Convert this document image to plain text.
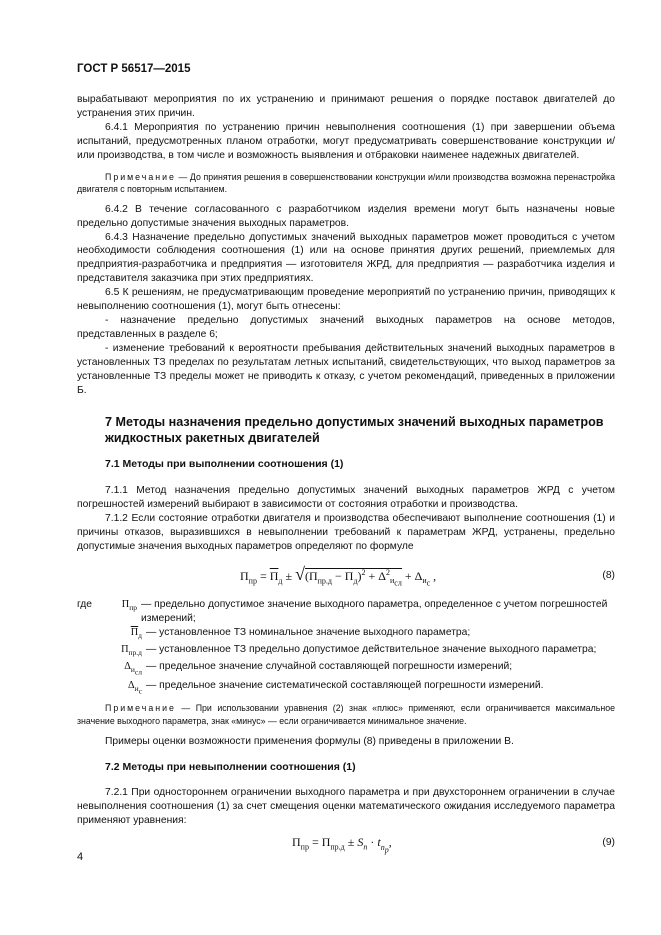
ГОСТ Р 56517—2015

вырабатывают мероприятия по их устранению и принимают решения о порядке поставок двигателей до устранения этих причин.

6.4.1 Мероприятия по устранению причин невыполнения соотношения (1) при завершении объема испытаний, предусмотренных планом отработки, могут предусматривать совершенствование конструкции и/или производства, в том числе и возможность выявления и отбраковки наименее надежных двигателей.

Примечание — До принятия решения в совершенствовании конструкции и/или производства возможна перенастройка двигателя с повторным испытанием.

6.4.2 В течение согласованного с разработчиком изделия времени могут быть назначены новые предельно допустимые значения выходных параметров.

6.4.3 Назначение предельно допустимых значений выходных параметров может проводиться с учетом необходимости соблюдения соотношения (1) или на основе принятия других решений, приемлемых для предприятия-разработчика и предприятия — изготовителя ЖРД, для предприятия — разработчика изделия и представителя заказчика при этих предприятиях.

6.5 К решениям, не предусматривающим проведение мероприятий по устранению причин, приводящих к невыполнению соотношения (1), могут быть отнесены:

- назначение предельно допустимых значений выходных параметров на основе методов, представленных в разделе 6;

- изменение требований к вероятности пребывания действительных значений выходных параметров в установленных ТЗ пределах по результатам летных испытаний, свидетельствующих, что выход параметров за установленные ТЗ пределы может не приводить к отказу, с учетом рекомендаций, приведенных в приложении Б.

7 Методы назначения предельно допустимых значений выходных параметров жидкостных ракетных двигателей

7.1 Методы при выполнении соотношения (1)

7.1.1 Метод назначения предельно допустимых значений выходных параметров ЖРД с учетом погрешностей измерений выбирают в зависимости от состояния отработки и производства.

7.1.2 Если состояние отработки двигателя и производства обеспечивают выполнение соотношения (1) и причины отказов, выразившихся в невыполнении требований к параметрам ЖРД, устранены, предельно допустимые значения выходных параметров определяют по формуле

$П_{пр} = П_д \pm √(П_{пр.д} - П_д)^2 + \Delta^2_{и_{сл}} + \Delta_{и_с}$ ,	(8)
где	$П_{пр}$ — предельно допустимое значение выходного параметра, определенное с учетом погрешностей измерений;
$П_д$ — установленное ТЗ номинальное значение выходного параметра;
$П_{пр.д}$ — установленное ТЗ предельно допустимое действительное значение выходного параметра;
$\Delta_{и_{сл}}$
— предельное значение случайной составляющей погрешности измерений;
$\Delta_{и_с}$
— предельное значение систематической составляющей погрешности измерений.

Примечание — При использовании уравнения (2) знак «плюс» применяют, если ограничивается максимальное значение выходного параметра, знак «минус» — если ограничивается минимальное значение.

Примеры оценки возможности применения формулы (8) приведены в приложении В.

7.2 Методы при невыполнении соотношения (1)

7.2.1 При одностороннем ограничении выходного параметра и при двухстороннем ограничении в случае невыполнения соотношения (1) за счет смещения оценки математического ожидания исследуемого параметра применяют уравнения:

$П_{пр} = П_{пр.д} \pm S_п \cdot t_{n_p}$,	(9)
4
